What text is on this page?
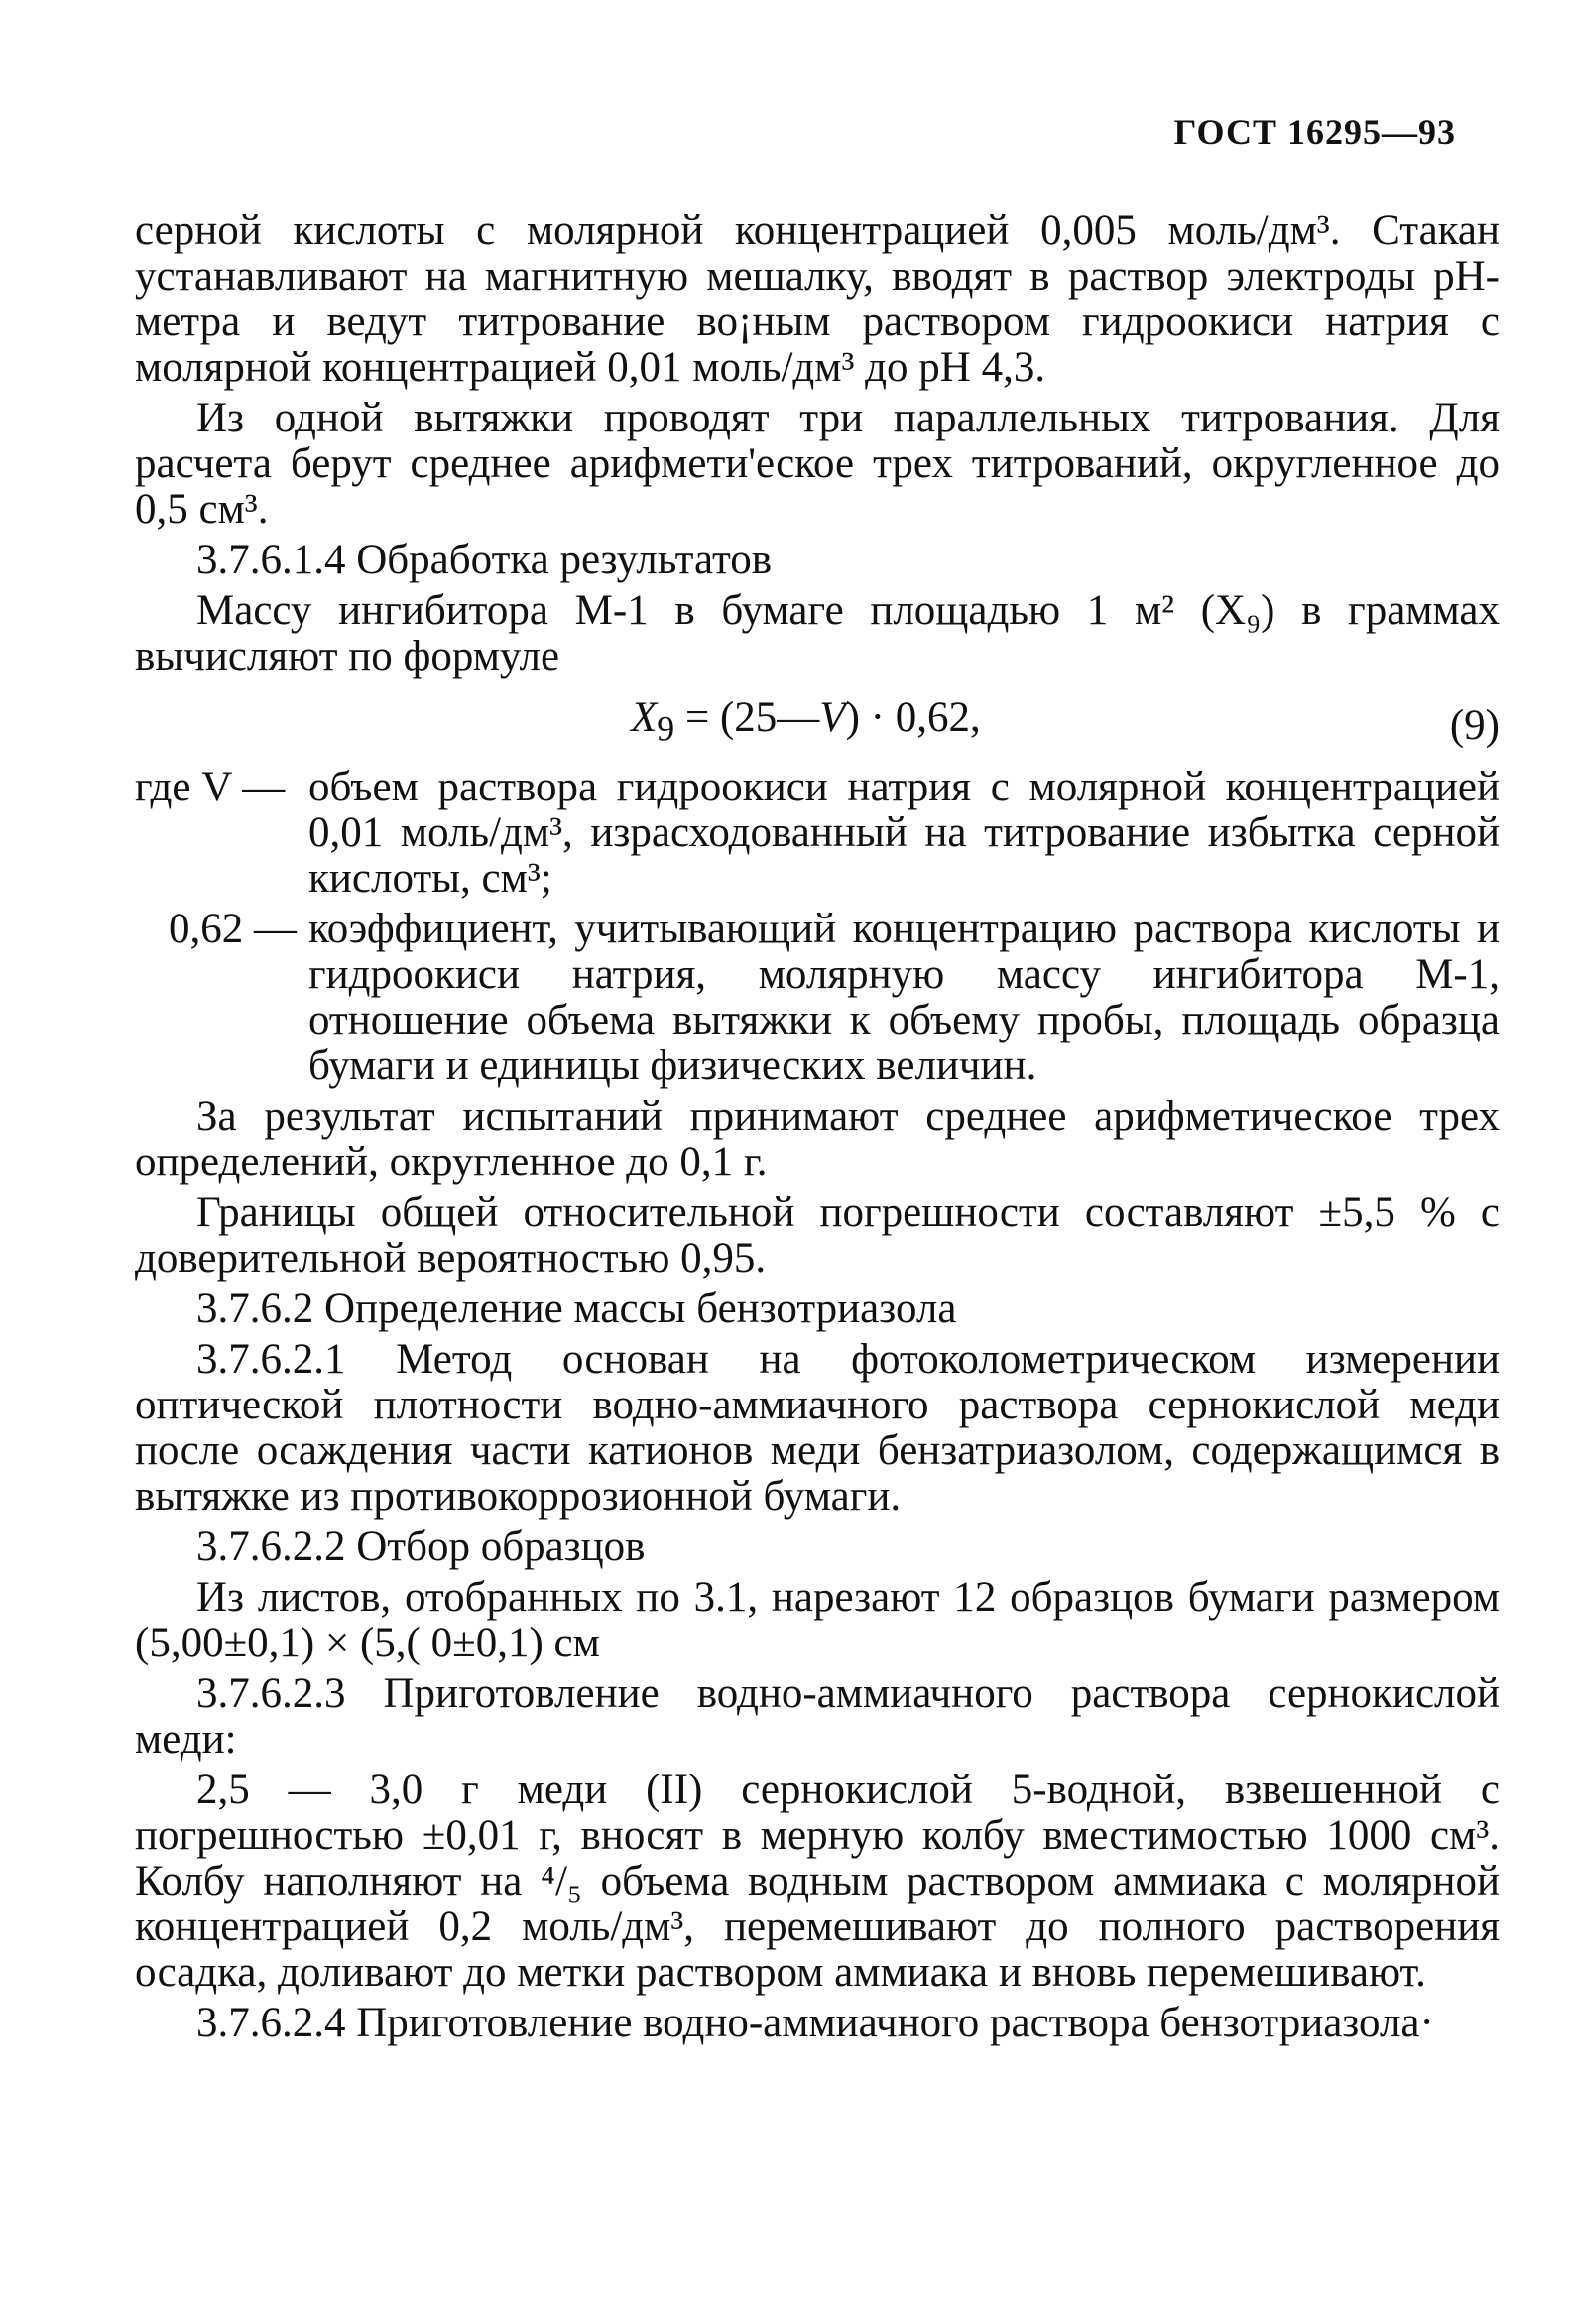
ГОСТ 16295—93

серной кислоты с молярной концентрацией 0,005 моль/дм³. Стакан устанавливают на магнитную мешалку, вводят в раствор электроды рН-метра и ведут титрование во¡ным раствором гидроокиси натрия с молярной концентрацией 0,01 моль/дм³ до рН 4,3.

Из одной вытяжки проводят три параллельных титрования. Для расчета берут среднее арифмети'еское трех титрований, округленное до 0,5 см³.

3.7.6.1.4 Обработка результатов

Массу ингибитора М-1 в бумаге площадью 1 м² (X₉) в граммах вычисляют по формуле

$X_9$ = (25—V) · 0,62,	(9)
где V — объем раствора гидроокиси натрия с молярной концентрацией 0,01 моль/дм³, израсходованный на титрование избытка серной кислоты, см³;
0,62 — коэффициент, учитывающий концентрацию раствора кислоты и гидроокиси натрия, молярную массу ингибитора М-1, отношение объема вытяжки к объему пробы, площадь образца бумаги и единицы физических величин.

За результат испытаний принимают среднее арифметическое трех определений, округленное до 0,1 г.

Границы общей относительной погрешности составляют ±5,5 % с доверительной вероятностью 0,95.

3.7.6.2 Определение массы бензотриазола

3.7.6.2.1 Метод основан на фотоколометрическом измерении оптической плотности водно-аммиачного раствора сернокислой меди после осаждения части катионов меди бензатриазолом, содержащимся в вытяжке из противокоррозионной бумаги.

3.7.6.2.2 Отбор образцов

Из листов, отобранных по 3.1, нарезают 12 образцов бумаги размером (5,00±0,1) × (5,( 0±0,1) см

3.7.6.2.3 Приготовление водно-аммиачного раствора сернокислой меди:

2,5 — 3,0 г меди (II) сернокислой 5-водной, взвешенной с погрешностью ±0,01 г, вносят в мерную колбу вместимостью 1000 см³. Колбу наполняют на ⁴/₅ объема водным раствором аммиака с молярной концентрацией 0,2 моль/дм³, перемешивают до полного растворения осадка, доливают до метки раствором аммиака и вновь перемешивают.

3.7.6.2.4 Приготовление водно-аммиачного раствора бензотриазола·
